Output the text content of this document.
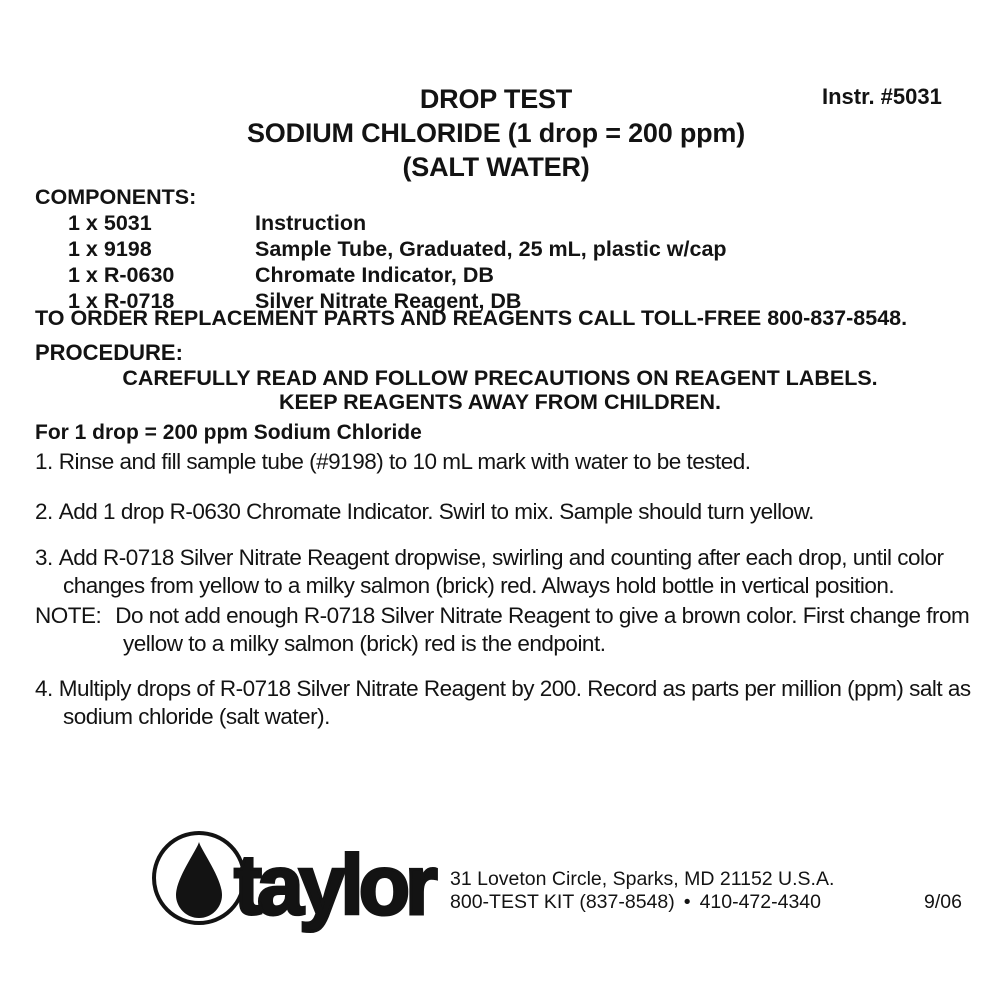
Instr. #5031
DROP TEST
SODIUM CHLORIDE (1 drop = 200 ppm)
(SALT WATER)
COMPONENTS:
1 x 5031	Instruction
1 x 9198	Sample Tube, Graduated, 25 mL, plastic w/cap
1 x R-0630	Chromate Indicator, DB
1 x R-0718	Silver Nitrate Reagent, DB
TO ORDER REPLACEMENT PARTS AND REAGENTS CALL TOLL-FREE 800-837-8548.
PROCEDURE:
CAREFULLY READ AND FOLLOW PRECAUTIONS ON REAGENT LABELS.
KEEP REAGENTS AWAY FROM CHILDREN.
For 1 drop = 200 ppm Sodium Chloride
1. Rinse and fill sample tube (#9198) to 10 mL mark with water to be tested.
2. Add 1 drop R-0630 Chromate Indicator. Swirl to mix. Sample should turn yellow.
3. Add R-0718 Silver Nitrate Reagent dropwise, swirling and counting after each drop, until color changes from yellow to a milky salmon (brick) red. Always hold bottle in vertical position.
NOTE: Do not add enough R-0718 Silver Nitrate Reagent to give a brown color. First change from yellow to a milky salmon (brick) red is the endpoint.
4. Multiply drops of R-0718 Silver Nitrate Reagent by 200. Record as parts per million (ppm) salt as sodium chloride (salt water).
taylor 31 Loveton Circle, Sparks, MD 21152 U.S.A.
800-TEST KIT (837-8548) • 410-472-4340	9/06
